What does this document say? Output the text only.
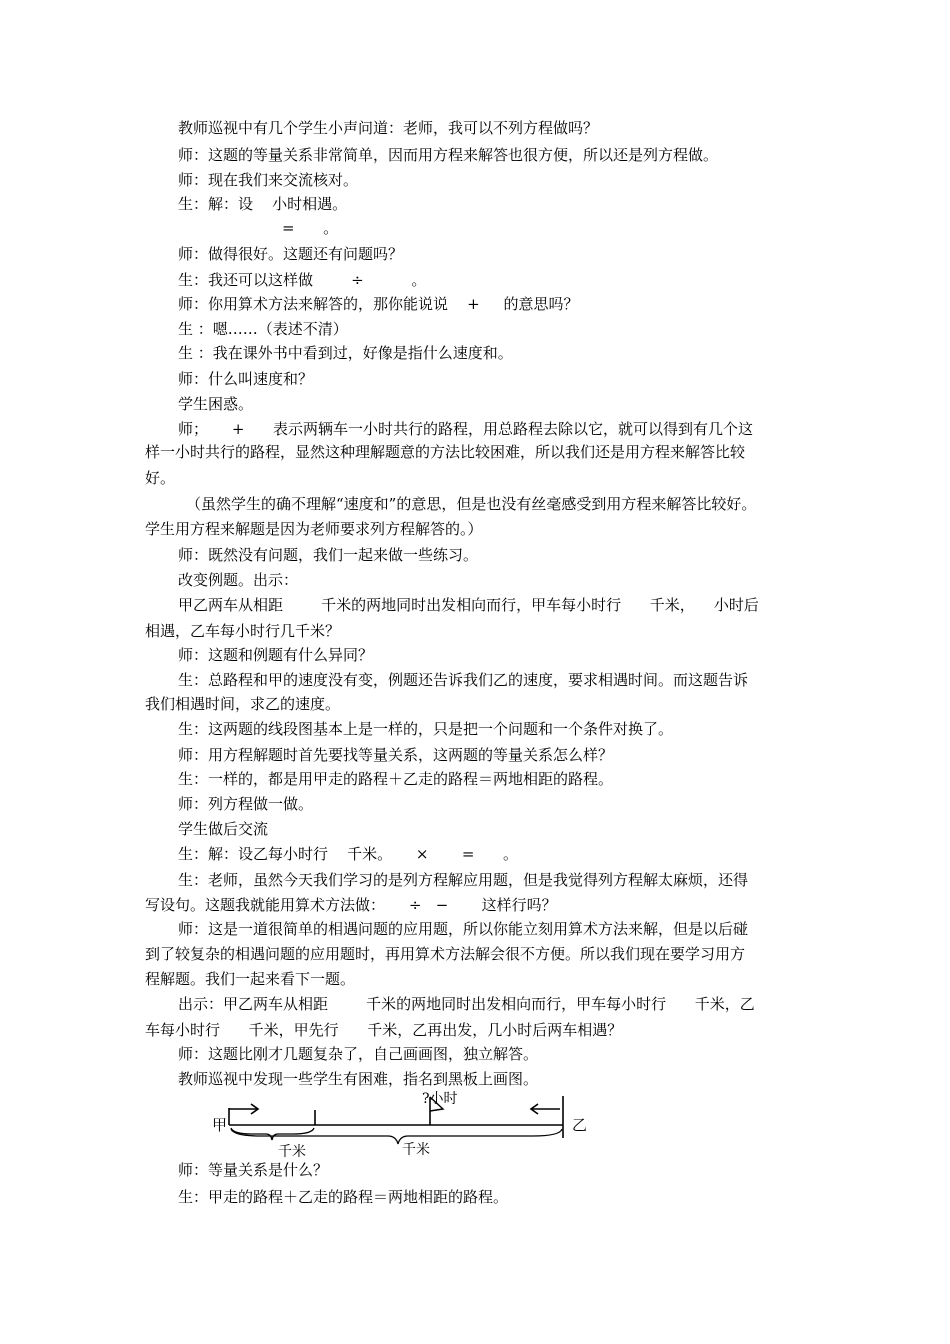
教师巡视中有几个学生小声问道：老师，我可以不列方程做吗？
师：这题的等量关系非常简单，因而用方程来解答也很方便，所以还是列方程做。
师：现在我们来交流核对。
生：解：设    小时相遇。
=      。
师：做得很好。这题还有问题吗？
生：我还可以这样做        ÷          。
师：你用算术方法来解答的，那你能说说    +     的意思吗？
生 ：嗯……（表述不清）
生 ：我在课外书中看到过，好像是指什么速度和。
师：什么叫速度和？
学生困惑。
师；     +      表示两辆车一小时共行的路程，用总路程去除以它，就可以得到有几个这
样一小时共行的路程，显然这种理解题意的方法比较困难，所以我们还是用方程来解答比较
好。
（虽然学生的确不理解“速度和”的意思，但是也没有丝毫感受到用方程来解答比较好。
学生用方程来解题是因为老师要求列方程解答的。）
师：既然没有问题，我们一起来做一些练习。
改变例题。出示：
甲乙两车从相距        千米的两地同时出发相向而行，甲车每小时行      千米，    小时后
相遇，乙车每小时行几千米？
师：这题和例题有什么异同？
生：总路程和甲的速度没有变，例题还告诉我们乙的速度，要求相遇时间。而这题告诉
我们相遇时间，求乙的速度。
生：这两题的线段图基本上是一样的，只是把一个问题和一个条件对换了。
师：用方程解题时首先要找等量关系，这两题的等量关系怎么样？
生：一样的，都是用甲走的路程＋乙走的路程＝两地相距的路程。
师：列方程做一做。
学生做后交流
生：解：设乙每小时行    千米。     ×       =      。
生：老师，虽然今天我们学习的是列方程解应用题，但是我觉得列方程解太麻烦，还得
写设句。这题我就能用算术方法做：     ÷   −       这样行吗？
师：这是一道很简单的相遇问题的应用题，所以你能立刻用算术方法来解，但是以后碰
到了较复杂的相遇问题的应用题时，再用算术方法解会很不方便。所以我们现在要学习用方
程解题。我们一起来看下一题。
出示：甲乙两车从相距        千米的两地同时出发相向而行，甲车每小时行      千米，乙
车每小时行      千米，甲先行      千米，乙再出发，几小时后两车相遇？
师：这题比刚才几题复杂了，自己画画图，独立解答。
教师巡视中发现一些学生有困难，指名到黑板上画图。
师：等量关系是什么？
生：甲走的路程＋乙走的路程＝两地相距的路程。
甲	乙
?小时
千米	千米
